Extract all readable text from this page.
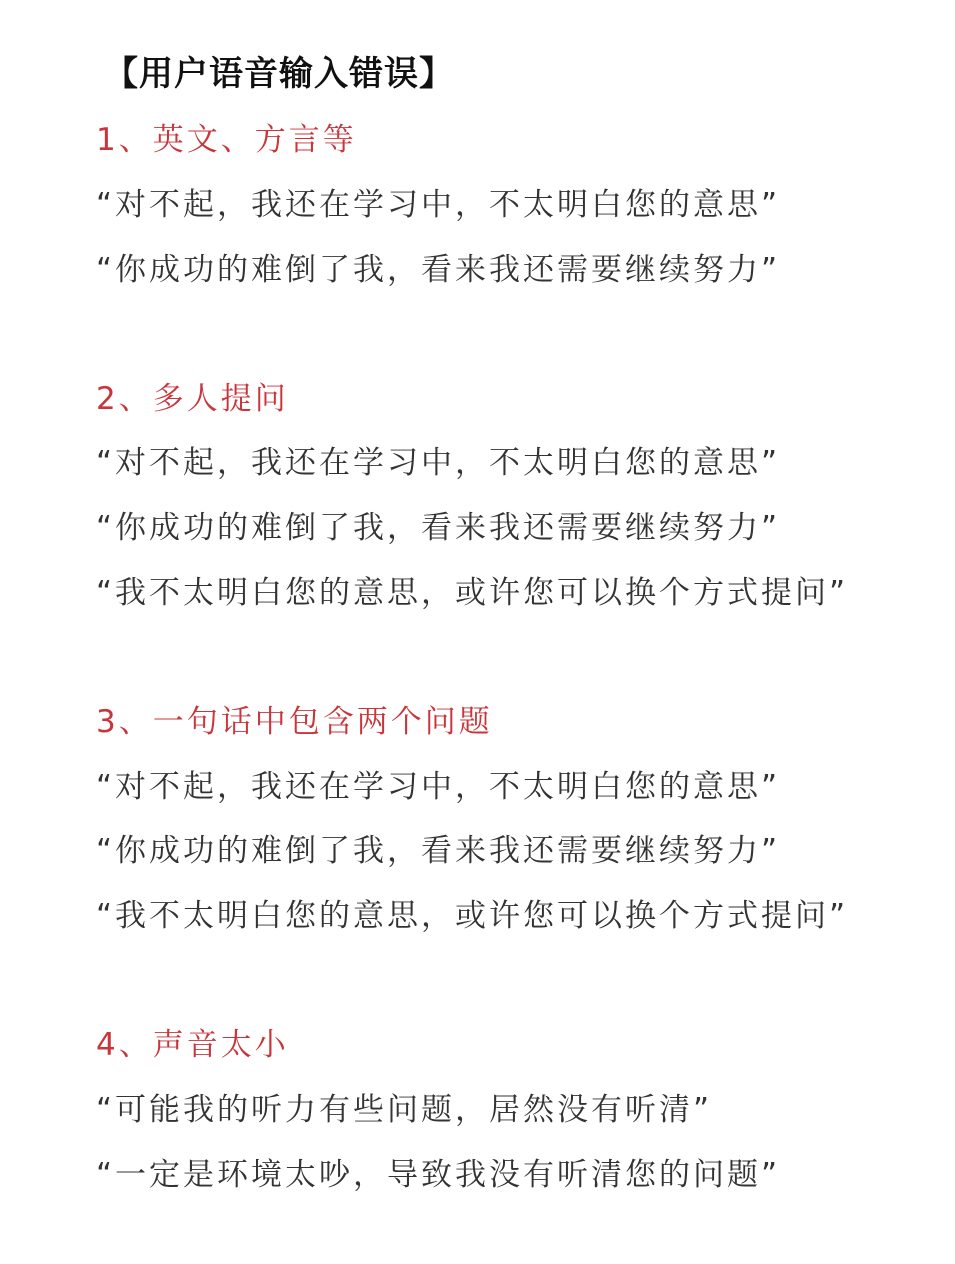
【用户语音输入错误】
1、英文、方言等
“对不起，我还在学习中，不太明白您的意思”
“你成功的难倒了我，看来我还需要继续努力”
2、多人提问
“对不起，我还在学习中，不太明白您的意思”
“你成功的难倒了我，看来我还需要继续努力”
“我不太明白您的意思，或许您可以换个方式提问”
3、一句话中包含两个问题
“对不起，我还在学习中，不太明白您的意思”
“你成功的难倒了我，看来我还需要继续努力”
“我不太明白您的意思，或许您可以换个方式提问”
4、声音太小
“可能我的听力有些问题，居然没有听清”
“一定是环境太吵，导致我没有听清您的问题”
